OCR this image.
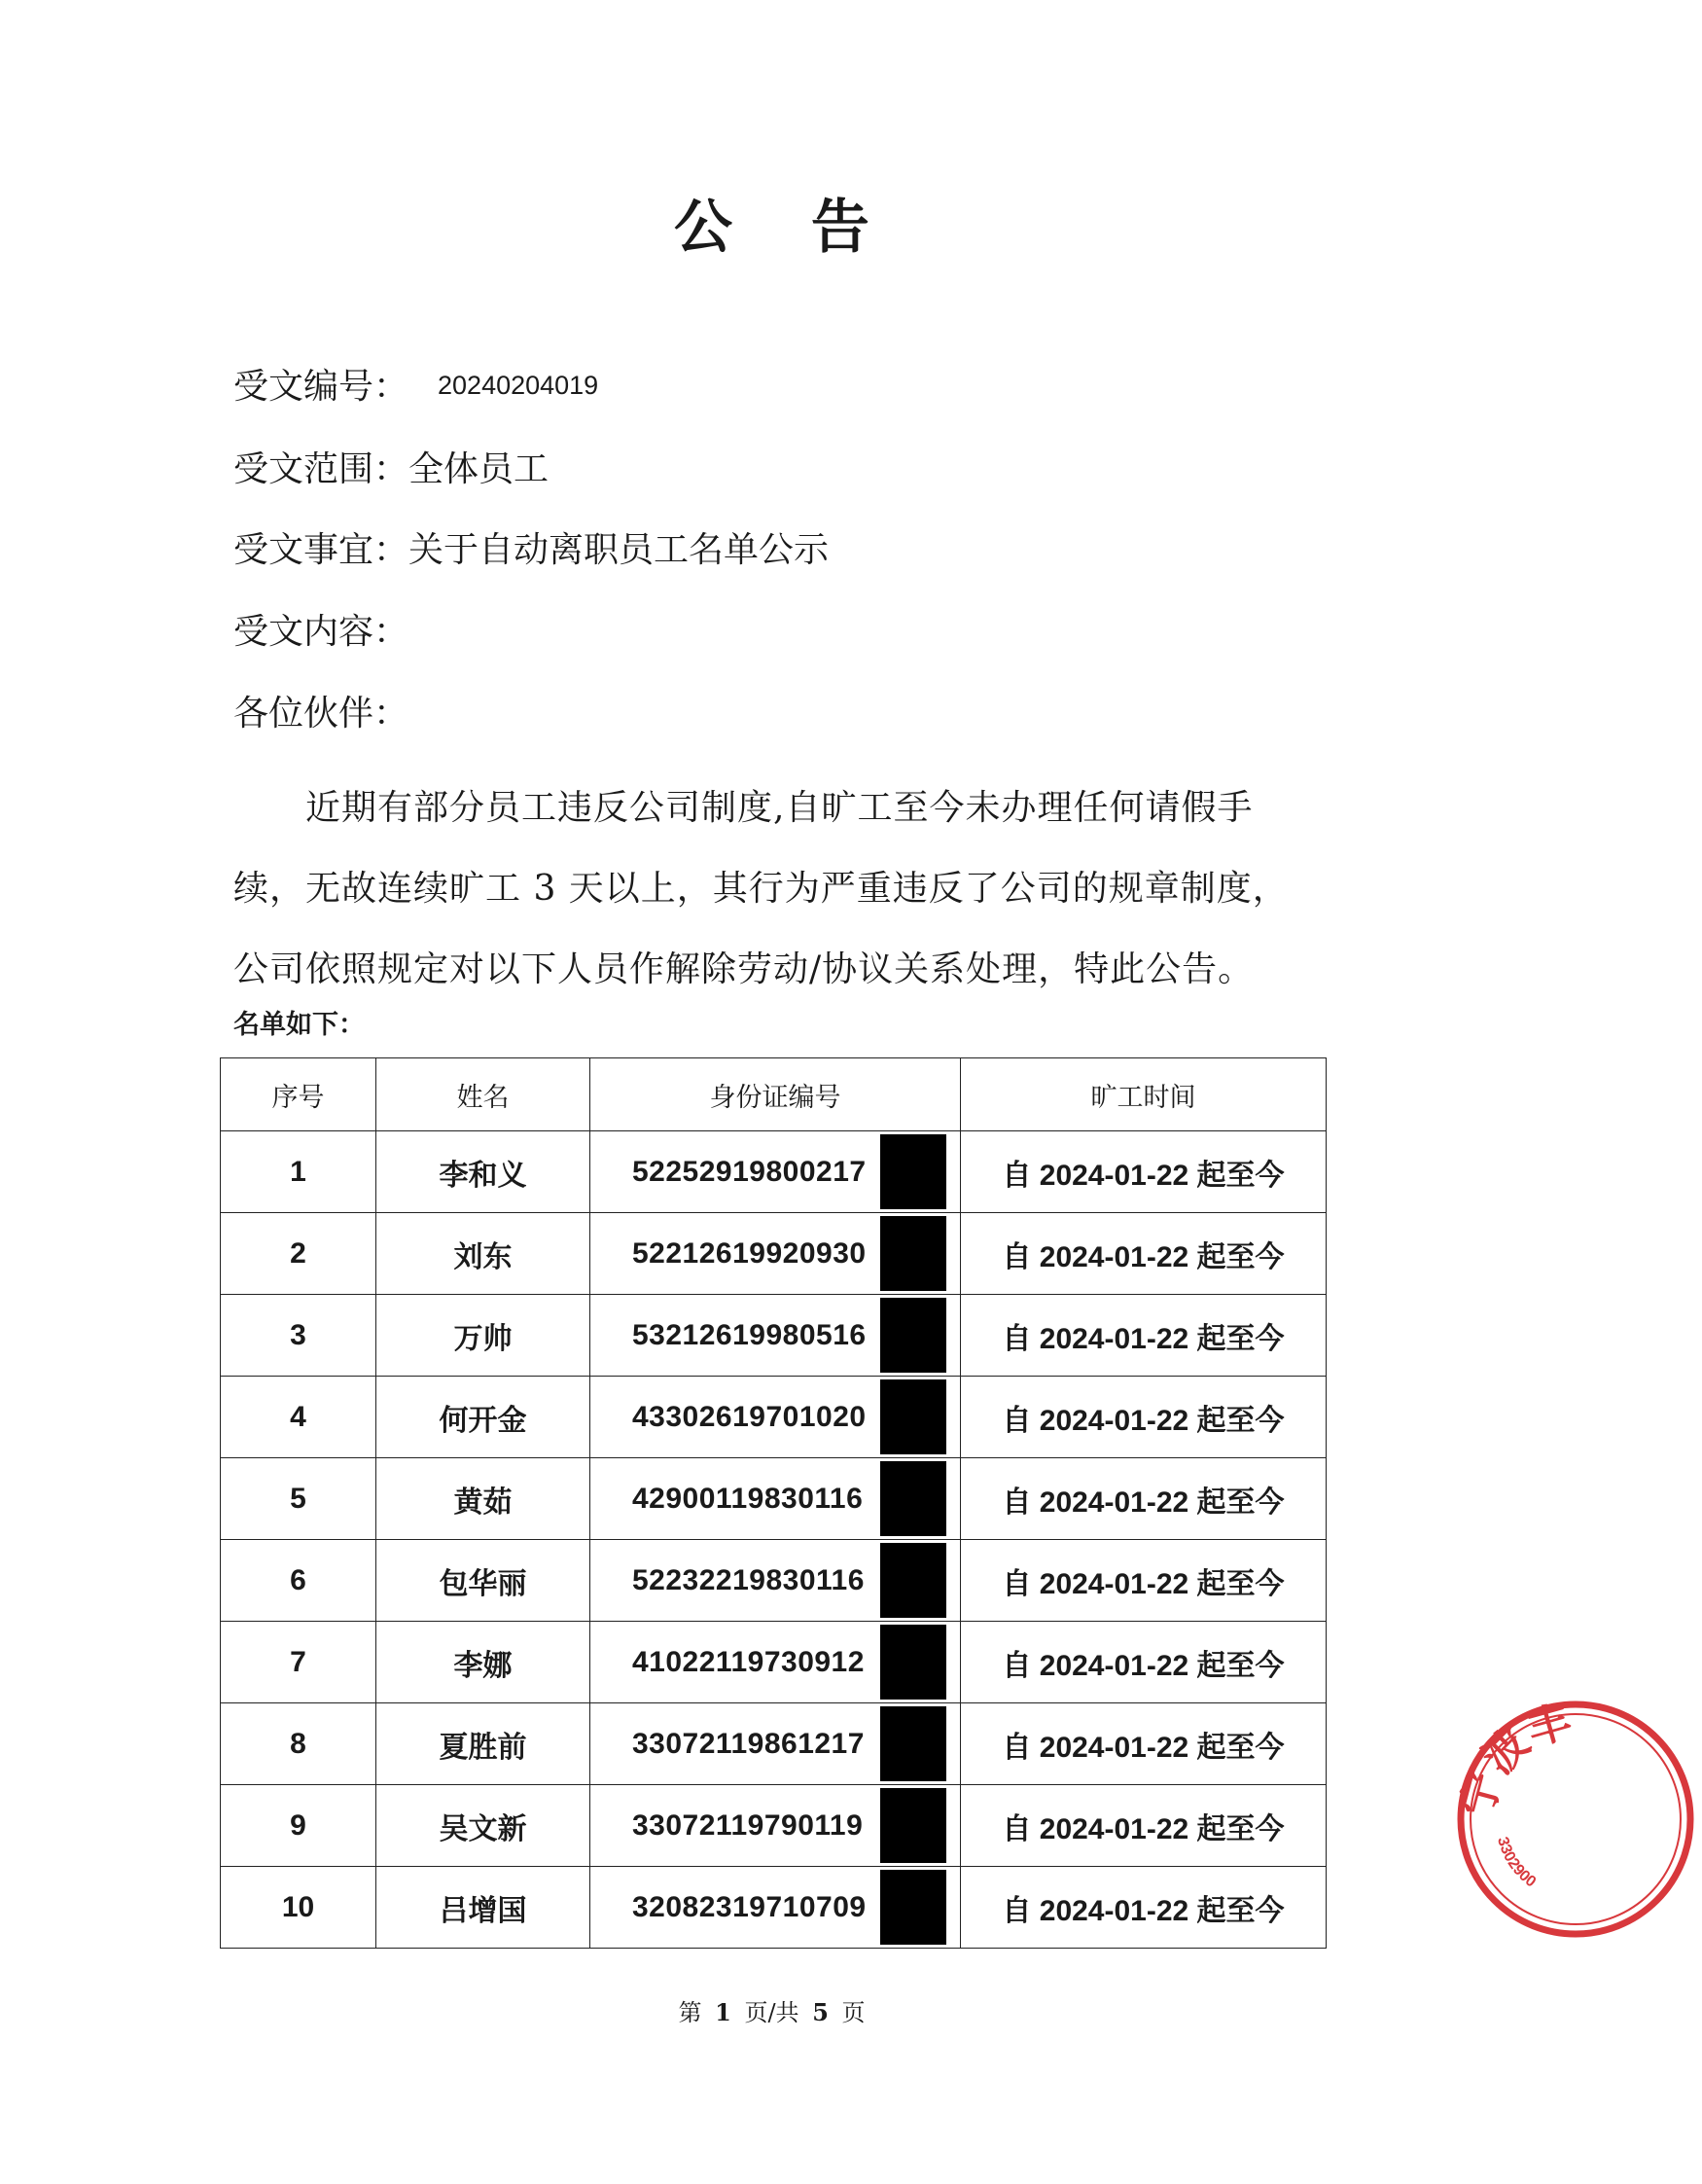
公 告
受文编号： 20240204019
受文范围：全体员工
受文事宜：关于自动离职员工名单公示
受文内容：
各位伙伴：
近期有部分员工违反公司制度,自旷工至今未办理任何请假手续，无故连续旷工 3 天以上，其行为严重违反了公司的规章制度，公司依照规定对以下人员作解除劳动/协议关系处理，特此公告。
名单如下：
序号	姓名	身份证编号	旷工时间
1	李和义	52252919800217	自 2024-01-22 起至今
2	刘东	52212619920930	自 2024-01-22 起至今
3	万帅	53212619980516	自 2024-01-22 起至今
4	何开金	43302619701020	自 2024-01-22 起至今
5	黄茹	42900119830116	自 2024-01-22 起至今
6	包华丽	52232219830116	自 2024-01-22 起至今
7	李娜	41022119730912	自 2024-01-22 起至今
8	夏胜前	33072119861217	自 2024-01-22 起至今
9	吴文新	33072119790119	自 2024-01-22 起至今
10	吕增国	32082319710709	自 2024-01-22 起至今
第 1 页/共 5 页
宁波丰
3302900
